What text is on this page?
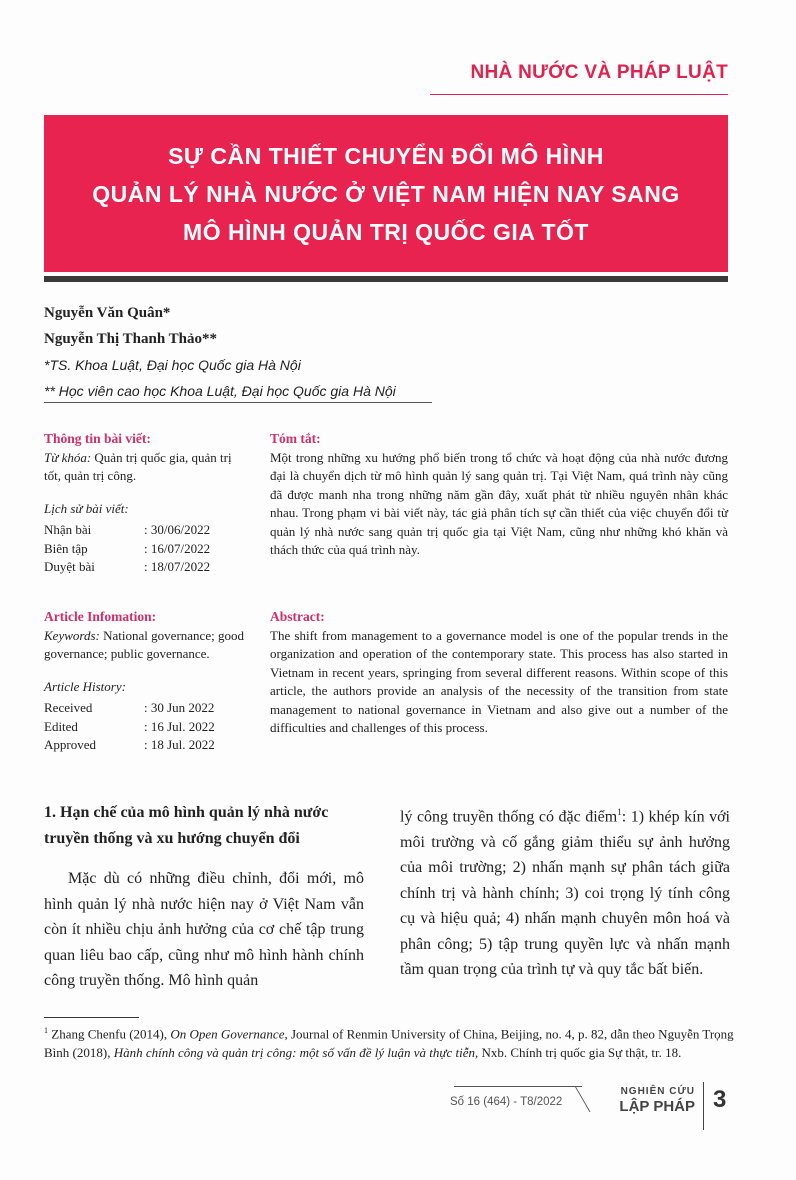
NHÀ NƯỚC VÀ PHÁP LUẬT
SỰ CẦN THIẾT CHUYỂN ĐỔI MÔ HÌNH
QUẢN LÝ NHÀ NƯỚC Ở VIỆT NAM HIỆN NAY SANG
MÔ HÌNH QUẢN TRỊ QUỐC GIA TỐT
Nguyễn Văn Quân*
Nguyễn Thị Thanh Thảo**
*TS. Khoa Luật, Đại học Quốc gia Hà Nội
** Học viên cao học Khoa Luật, Đại học Quốc gia Hà Nội
Thông tin bài viết:
Từ khóa: Quản trị quốc gia, quản trị tốt, quản trị công.
Lịch sử bài viết:
Nhận bài	: 30/06/2022
Biên tập	: 16/07/2022
Duyệt bài	: 18/07/2022
Tóm tắt:
Một trong những xu hướng phổ biến trong tổ chức và hoạt động của nhà nước đương đại là chuyển dịch từ mô hình quản lý sang quản trị. Tại Việt Nam, quá trình này cũng đã được manh nha trong những năm gần đây, xuất phát từ nhiều nguyên nhân khác nhau. Trong phạm vi bài viết này, tác giả phân tích sự cần thiết của việc chuyển đổi từ quản lý nhà nước sang quản trị quốc gia tại Việt Nam, cũng như những khó khăn và thách thức của quá trình này.
Article Infomation:
Keywords: National governance; good governance; public governance.
Article History:
Received	: 30 Jun 2022
Edited	: 16 Jul. 2022
Approved	: 18 Jul. 2022
Abstract:
The shift from management to a governance model is one of the popular trends in the organization and operation of the contemporary state. This process has also started in Vietnam in recent years, springing from several different reasons. Within scope of this article, the authors provide an analysis of the necessity of the transition from state management to national governance in Vietnam and also give out a number of the difficulties and challenges of this process.
1. Hạn chế của mô hình quản lý nhà nước truyền thống và xu hướng chuyển đổi
Mặc dù có những điều chỉnh, đổi mới, mô hình quản lý nhà nước hiện nay ở Việt Nam vẫn còn ít nhiều chịu ảnh hưởng của cơ chế tập trung quan liêu bao cấp, cũng như mô hình hành chính công truyền thống. Mô hình quản
lý công truyền thống có đặc điểm$^1$: 1) khép kín với môi trường và cố gắng giảm thiểu sự ảnh hưởng của môi trường; 2) nhấn mạnh sự phân tách giữa chính trị và hành chính; 3) coi trọng lý tính công cụ và hiệu quả; 4) nhấn mạnh chuyên môn hoá và phân công; 5) tập trung quyền lực và nhấn mạnh tầm quan trọng của trình tự và quy tắc bất biến.
$^1$ Zhang Chenfu (2014), On Open Governance, Journal of Renmin University of China, Beijing, no. 4, p. 82, dẫn theo Nguyễn Trọng Bình (2018), Hành chính công và quản trị công: một số vấn đề lý luận và thực tiễn, Nxb. Chính trị quốc gia Sự thật, tr. 18.
Số 16 (464) - T8/2022
NGHIÊN CỨU
LẬP PHÁP 3
